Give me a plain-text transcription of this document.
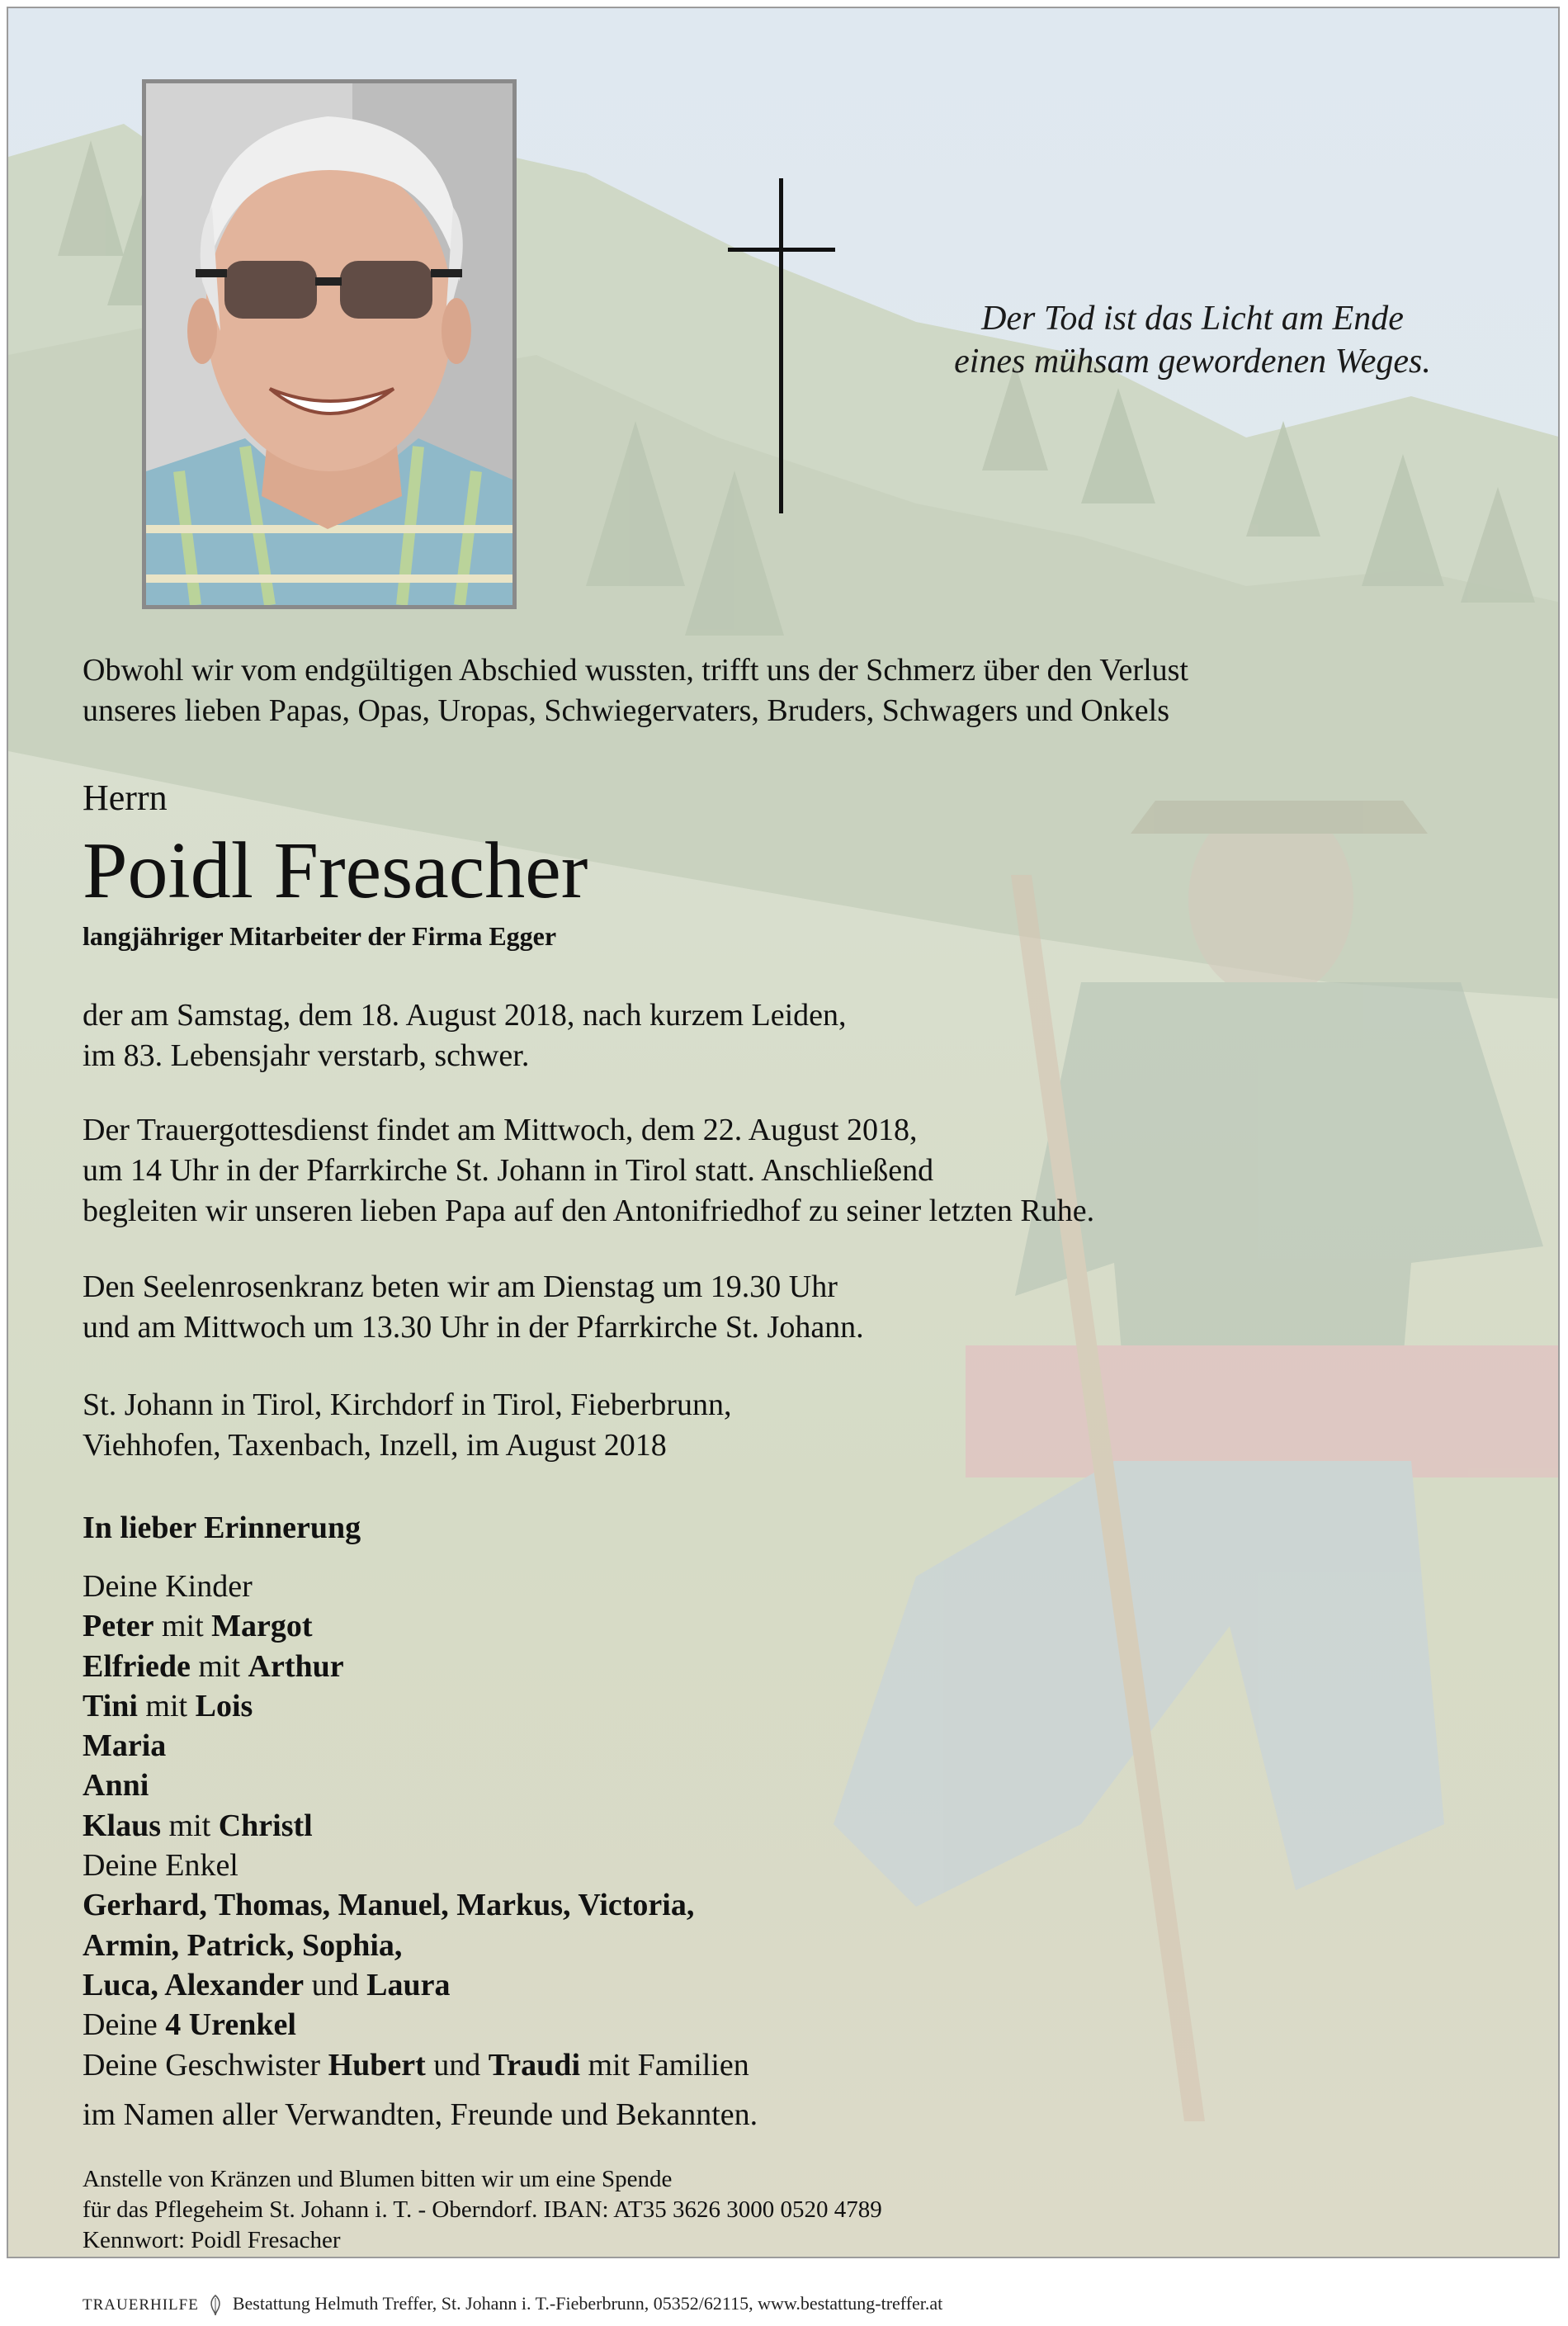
Der Tod ist das Licht am Ende
eines mühsam gewordenen Weges.
Obwohl wir vom endgültigen Abschied wussten, trifft uns der Schmerz über den Verlust
unseres lieben Papas, Opas, Uropas, Schwiegervaters, Bruders, Schwagers und Onkels
Herrn
Poidl Fresacher
langjähriger Mitarbeiter der Firma Egger
der am Samstag, dem 18. August 2018, nach kurzem Leiden,
im 83. Lebensjahr verstarb, schwer.
Der Trauergottesdienst findet am Mittwoch, dem 22. August 2018,
um 14 Uhr in der Pfarrkirche St. Johann in Tirol statt. Anschließend
begleiten wir unseren lieben Papa auf den Antonifriedhof zu seiner letzten Ruhe.
Den Seelenrosenkranz beten wir am Dienstag um 19.30 Uhr
und am Mittwoch um 13.30 Uhr in der Pfarrkirche St. Johann.
St. Johann in Tirol, Kirchdorf in Tirol, Fieberbrunn,
Viehhofen, Taxenbach, Inzell, im August 2018
In lieber Erinnerung
Deine Kinder
Peter mit Margot
Elfriede mit Arthur
Tini mit Lois
Maria
Anni
Klaus mit Christl
Deine Enkel
Gerhard, Thomas, Manuel, Markus, Victoria,
Armin, Patrick, Sophia,
Luca, Alexander und Laura
Deine 4 Urenkel
Deine Geschwister Hubert und Traudi mit Familien
im Namen aller Verwandten, Freunde und Bekannten.
Anstelle von Kränzen und Blumen bitten wir um eine Spende
für das Pflegeheim St. Johann i. T. - Oberndorf. IBAN: AT35 3626 3000 0520 4789
Kennwort: Poidl Fresacher
TRAUERHILFE Bestattung Helmuth Treffer, St. Johann i. T.-Fieberbrunn, 05352/62115, www.bestattung-treffer.at
